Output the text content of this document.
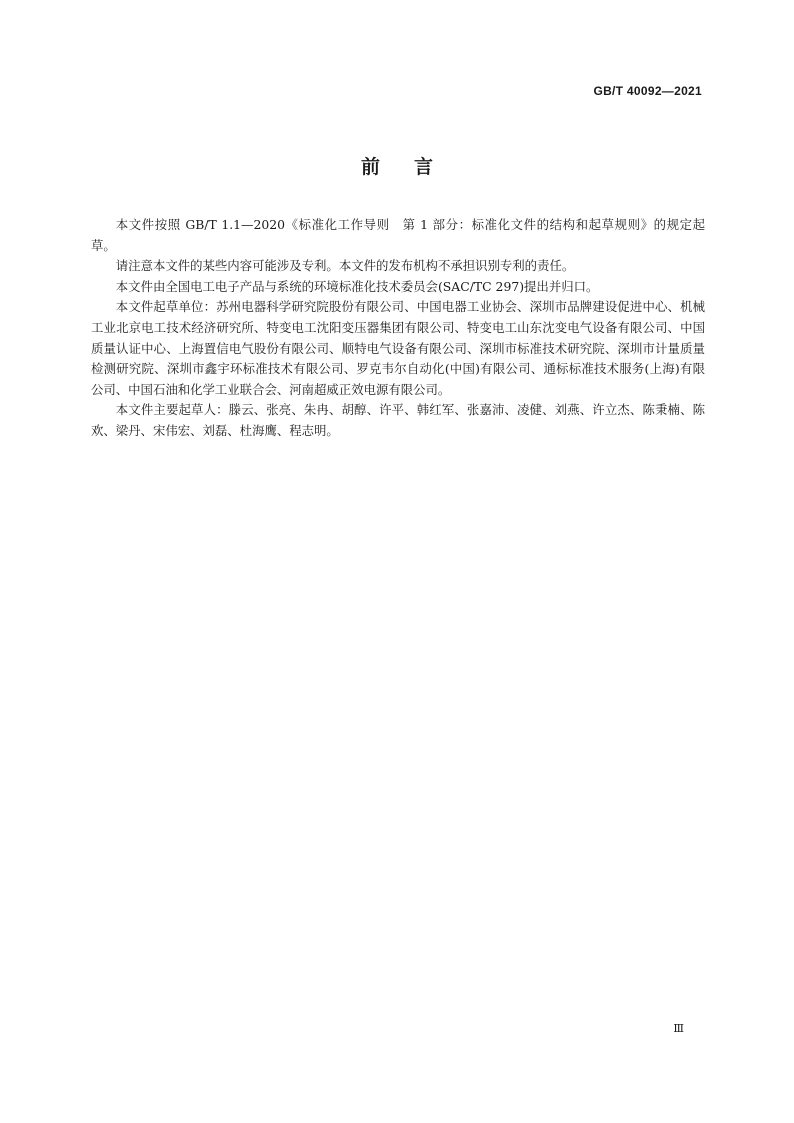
GB/T 40092—2021
前言

本文件按照 GB/T 1.1—2020《标准化工作导则　第 1 部分：标准化文件的结构和起草规则》的规定起草。

请注意本文件的某些内容可能涉及专利。本文件的发布机构不承担识别专利的责任。

本文件由全国电工电子产品与系统的环境标准化技术委员会(SAC/TC 297)提出并归口。

本文件起草单位：苏州电器科学研究院股份有限公司、中国电器工业协会、深圳市品牌建设促进中心、机械工业北京电工技术经济研究所、特变电工沈阳变压器集团有限公司、特变电工山东沈变电气设备有限公司、中国质量认证中心、上海置信电气股份有限公司、顺特电气设备有限公司、深圳市标准技术研究院、深圳市计量质量检测研究院、深圳市鑫宇环标准技术有限公司、罗克韦尔自动化(中国)有限公司、通标标准技术服务(上海)有限公司、中国石油和化学工业联合会、河南超威正效电源有限公司。

本文件主要起草人：滕云、张亮、朱冉、胡醇、许平、韩红军、张嘉沛、凌健、刘燕、许立杰、陈秉楠、陈欢、梁丹、宋伟宏、刘磊、杜海鹰、程志明。

Ⅲ
